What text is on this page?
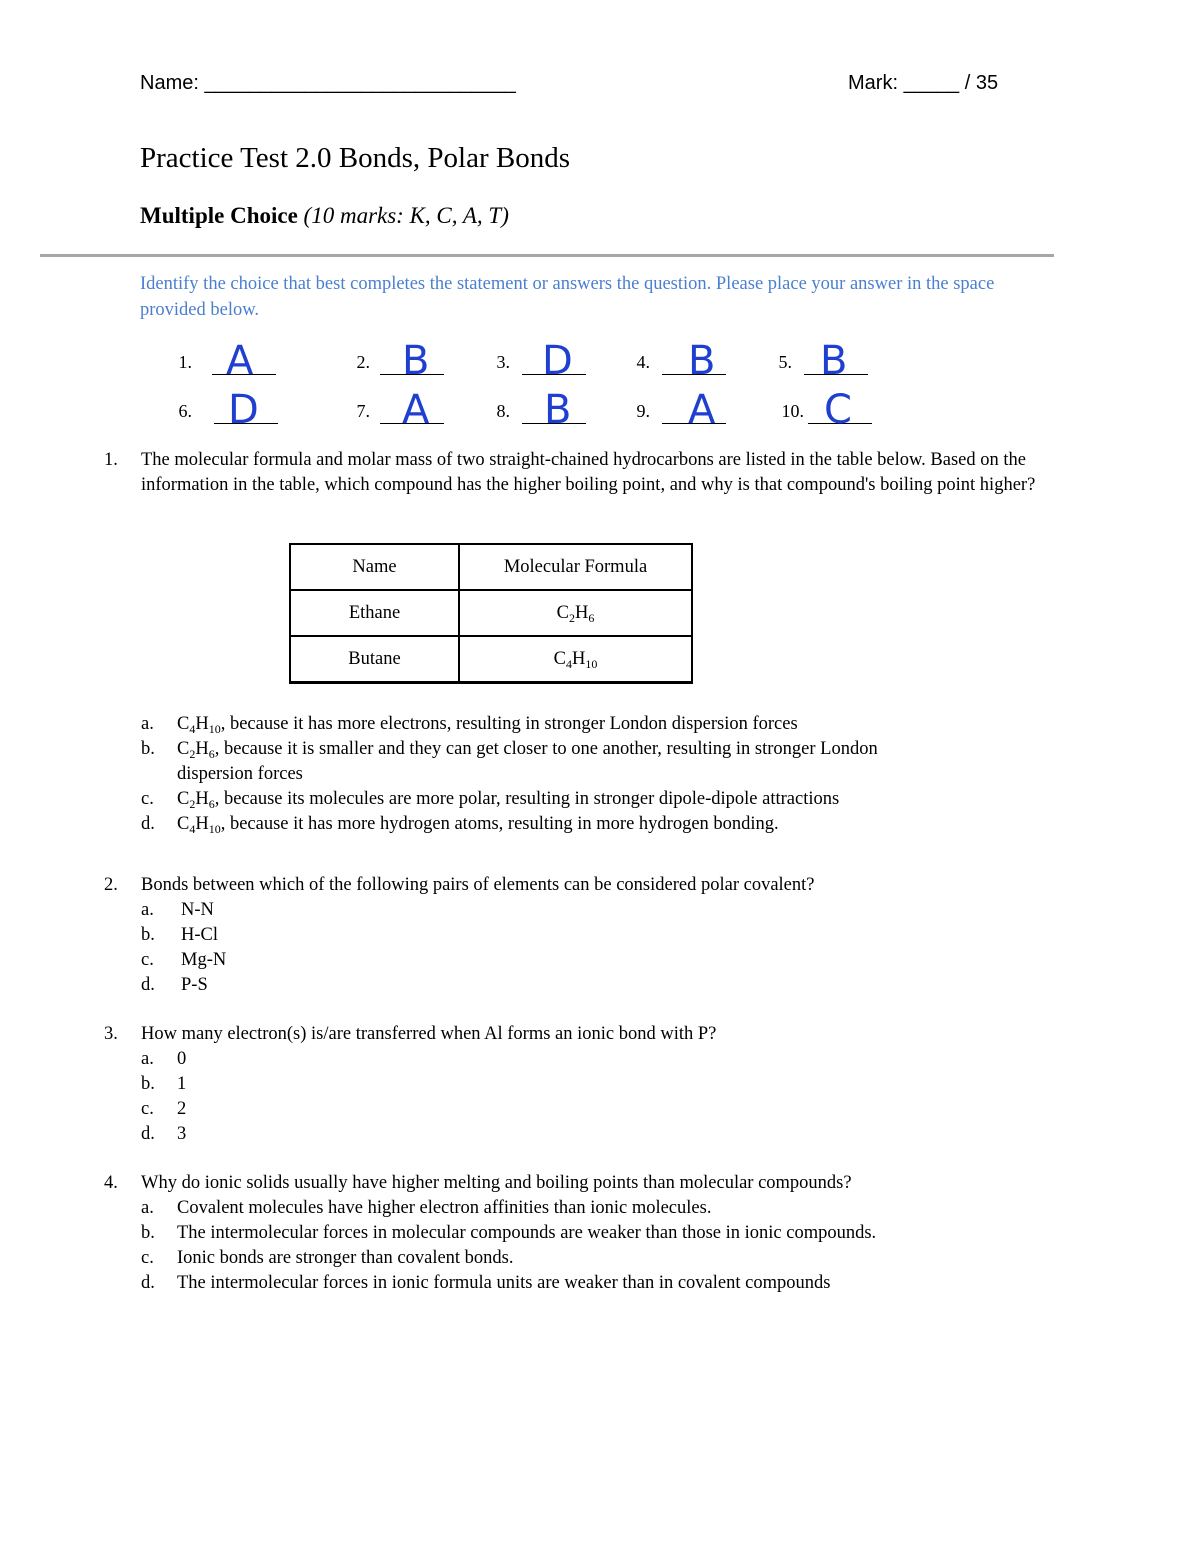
Name: ____________________________	Mark: _____ / 35
Practice Test 2.0 Bonds, Polar Bonds
Multiple Choice (10 marks: K, C, A, T)
Identify the choice that best completes the statement or answers the question. Please place your answer in the space provided below.
1. A	2. B	3. D	4. B	5. B
6. D	7. A	8. B	9. A	10. C
1. The molecular formula and molar mass of two straight-chained hydrocarbons are listed in the table below. Based on the information in the table, which compound has the higher boiling point, and why is that compound's boiling point higher?
Name	Molecular Formula
Ethane	$C_2H_6$
Butane	$C_4H_{10}$
a. $C_4H_{10}$, because it has more electrons, resulting in stronger London dispersion forces
b. $C_2H_6$, because it is smaller and they can get closer to one another, resulting in stronger London dispersion forces
c. $C_2H_6$, because its molecules are more polar, resulting in stronger dipole-dipole attractions
d. $C_4H_{10}$, because it has more hydrogen atoms, resulting in more hydrogen bonding.
2. Bonds between which of the following pairs of elements can be considered polar covalent?
a. N-N
b. H-Cl
c. Mg-N
d. P-S
3. How many electron(s) is/are transferred when Al forms an ionic bond with P?
a. 0
b. 1
c. 2
d. 3
4. Why do ionic solids usually have higher melting and boiling points than molecular compounds?
a. Covalent molecules have higher electron affinities than ionic molecules.
b. The intermolecular forces in molecular compounds are weaker than those in ionic compounds.
c. Ionic bonds are stronger than covalent bonds.
d. The intermolecular forces in ionic formula units are weaker than in covalent compounds
